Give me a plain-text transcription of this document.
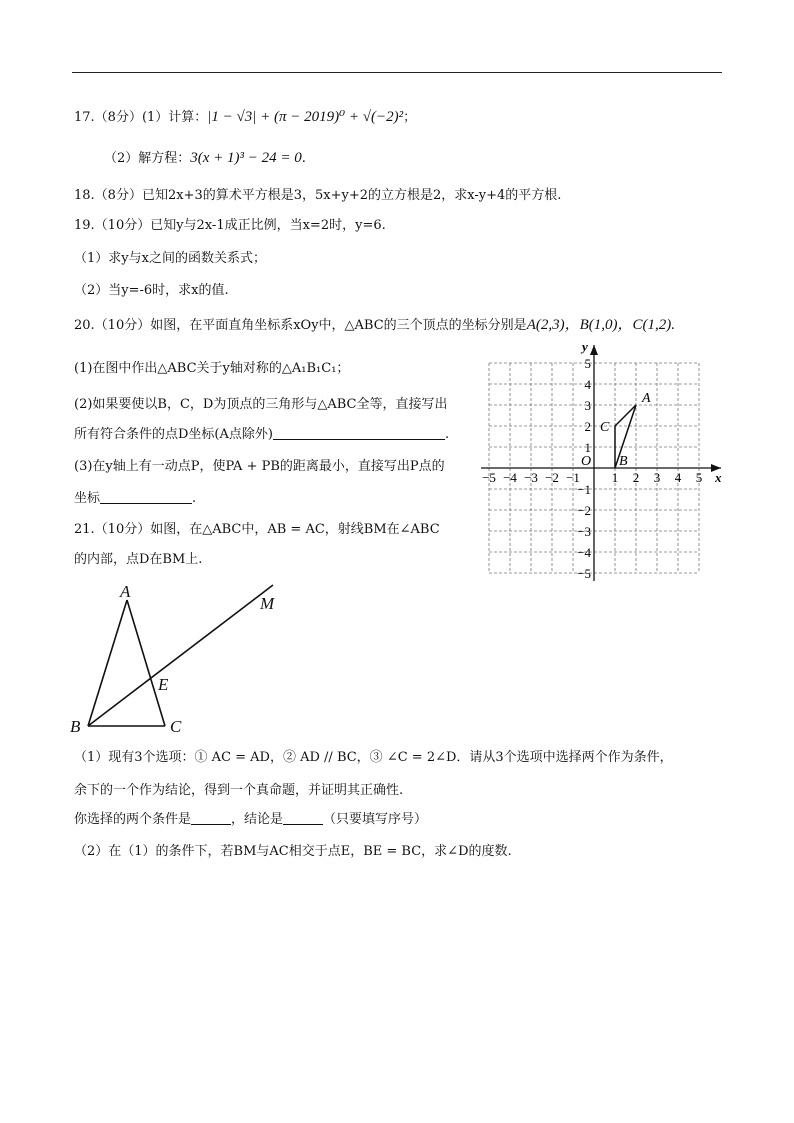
17.（8分）(1）计算：|1 − √3| + (π − 2019)⁰ + √(−2)²；
（2）解方程：3(x + 1)³ − 24 = 0.
18.（8分）已知2x+3的算术平方根是3，5x+y+2的立方根是2，求x-y+4的平方根.
19.（10分）已知y与2x-1成正比例，当x=2时，y=6.
（1）求y与x之间的函数关系式；
（2）当y=-6时，求x的值.
20.（10分）如图，在平面直角坐标系xOy中，△ABC的三个顶点的坐标分别是A(2,3)，B(1,0)，C(1,2).
(1)在图中作出△ABC关于y轴对称的△A₁B₁C₁；
(2)如果要使以B，C，D为顶点的三角形与△ABC全等，直接写出
所有符合条件的点D坐标(A点除外)	.
(3)在y轴上有一动点P，使PA + PB的距离最小，直接写出P点的
坐标	.
x
y
O
−5 −4 −3 −2 −1 1 2 3 4 5
5
4
3
2
1
−1
−2
−3
−4
−5
A
B
C
21.（10分）如图，在△ABC中，AB = AC，射线BM在∠ABC
的内部，点D在BM上.
A
B	C
E
M
（1）现有3个选项：① AC = AD，② AD // BC，③ ∠C = 2∠D．请从3个选项中选择两个作为条件，
余下的一个作为结论，得到一个真命题，并证明其正确性.
你选择的两个条件是	，结论是	（只要填写序号）
（2）在（1）的条件下，若BM与AC相交于点E，BE = BC，求∠D的度数.
